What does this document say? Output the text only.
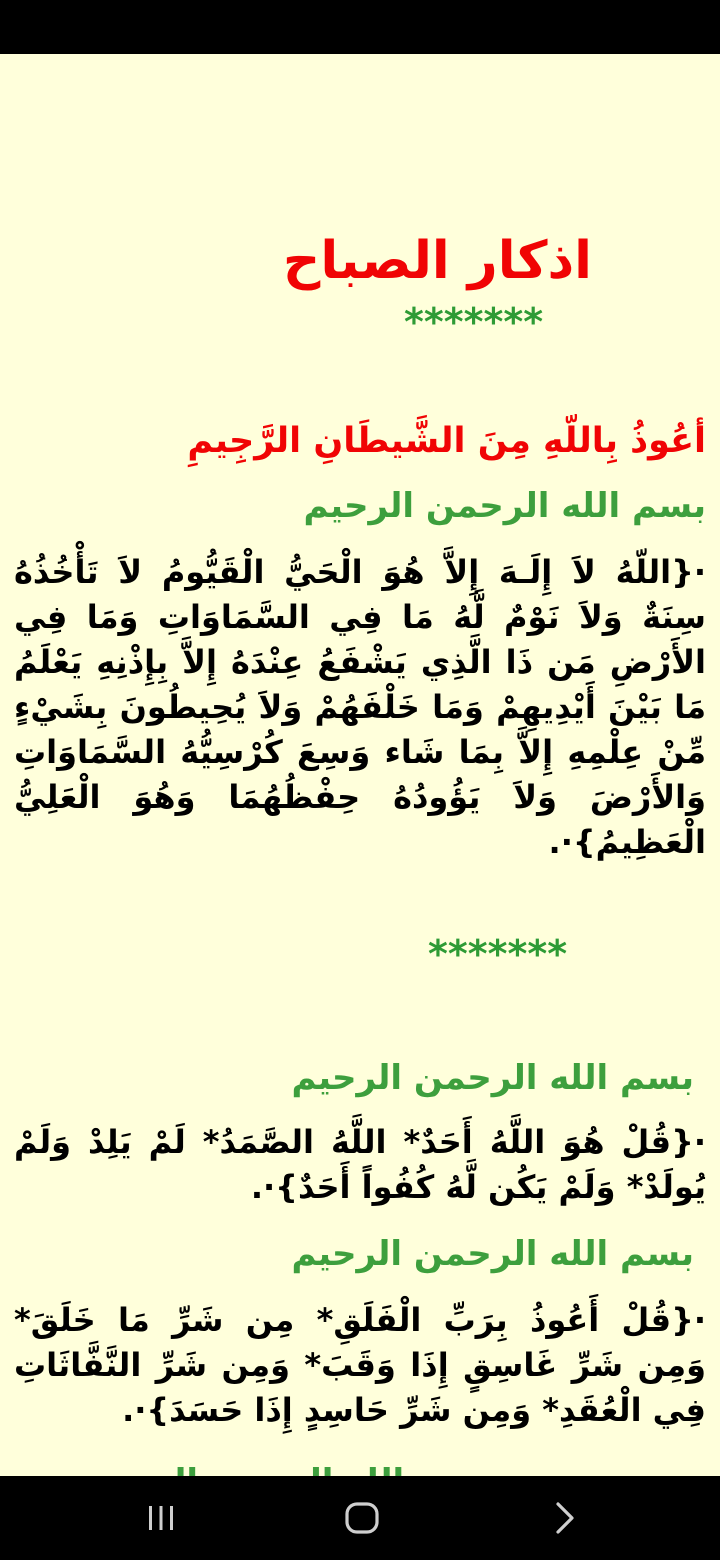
اذكار الصباح
*******
أعُوذُ بِاللّهِ مِنَ الشَّيطَانِ الرَّجِيمِ
بسم الله الرحمن الرحيم
·{اللّهُ لاَ إِلَـهَ إِلاَّ هُوَ الْحَيُّ الْقَيُّومُ لاَ تَأْخُذُهُ سِنَةٌ وَلاَ نَوْمٌ لَّهُ مَا فِي السَّمَاوَاتِ وَمَا فِي الأَرْضِ مَن ذَا الَّذِي يَشْفَعُ عِنْدَهُ إِلاَّ بِإِذْنِهِ يَعْلَمُ مَا بَيْنَ أَيْدِيهِمْ وَمَا خَلْفَهُمْ وَلاَ يُحِيطُونَ بِشَيْءٍ مِّنْ عِلْمِهِ إِلاَّ بِمَا شَاء وَسِعَ كُرْسِيُّهُ السَّمَاوَاتِ وَالأَرْضَ وَلاَ يَؤُودُهُ حِفْظُهُمَا وَهُوَ الْعَلِيُّ الْعَظِيمُ}·.
*******
بسم الله الرحمن الرحيم
·{قُلْ هُوَ اللَّهُ أَحَدٌ* اللَّهُ الصَّمَدُ* لَمْ يَلِدْ وَلَمْ يُولَدْ* وَلَمْ يَكُن لَّهُ كُفُواً أَحَدٌ}·.
بسم الله الرحمن الرحيم
·{قُلْ أَعُوذُ بِرَبِّ الْفَلَقِ* مِن شَرِّ مَا خَلَقَ* وَمِن شَرِّ غَاسِقٍ إِذَا وَقَبَ* وَمِن شَرِّ النَّفَّاثَاتِ فِي الْعُقَدِ* وَمِن شَرِّ حَاسِدٍ إِذَا حَسَدَ}·.
